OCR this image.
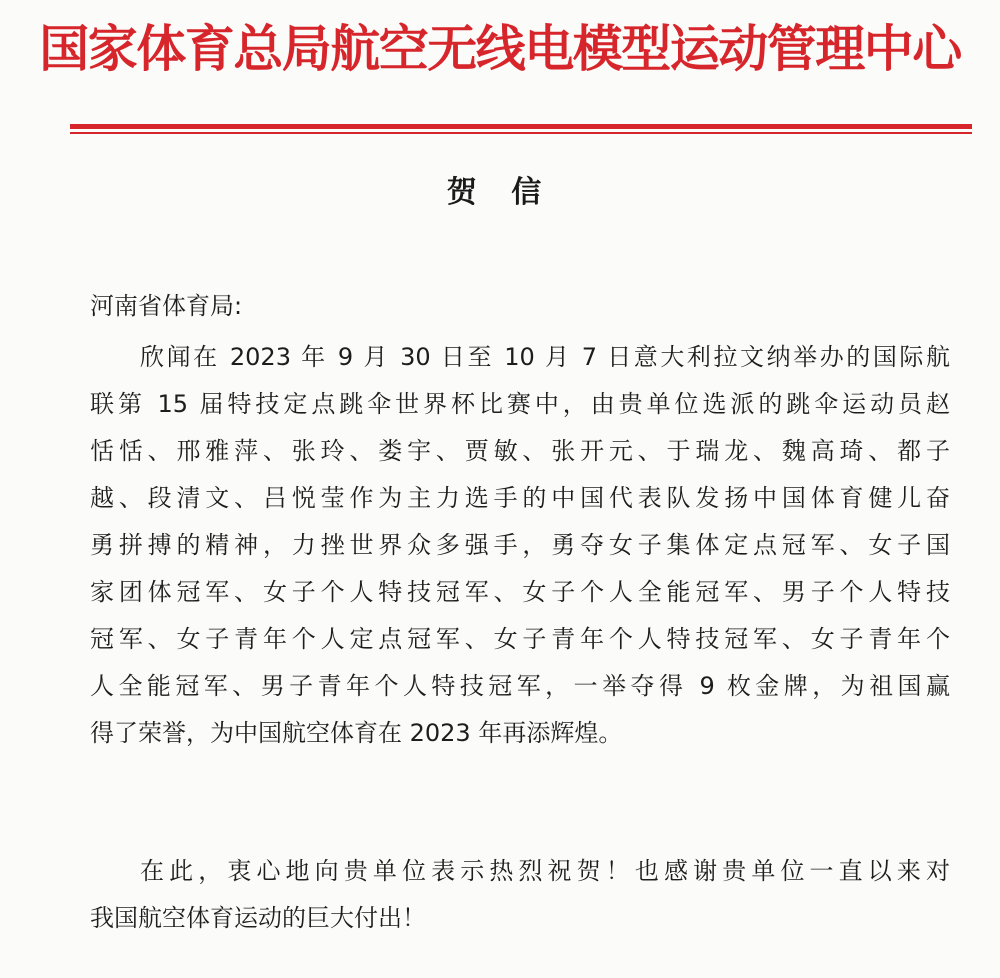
国家体育总局航空无线电模型运动管理中心
贺 信
河南省体育局:
欣闻在 2023 年 9 月 30 日至 10 月 7 日意大利拉文纳举办的国际航
联第 15 届特技定点跳伞世界杯比赛中，由贵单位选派的跳伞运动员赵
恬恬、邢雅萍、张玲、娄宇、贾敏、张开元、于瑞龙、魏高琦、都子
越、段清文、吕悦莹作为主力选手的中国代表队发扬中国体育健儿奋
勇拼搏的精神，力挫世界众多强手，勇夺女子集体定点冠军、女子国
家团体冠军、女子个人特技冠军、女子个人全能冠军、男子个人特技
冠军、女子青年个人定点冠军、女子青年个人特技冠军、女子青年个
人全能冠军、男子青年个人特技冠军，一举夺得 9 枚金牌，为祖国赢
得了荣誉，为中国航空体育在 2023 年再添辉煌。
在此，衷心地向贵单位表示热烈祝贺！也感谢贵单位一直以来对
我国航空体育运动的巨大付出！
